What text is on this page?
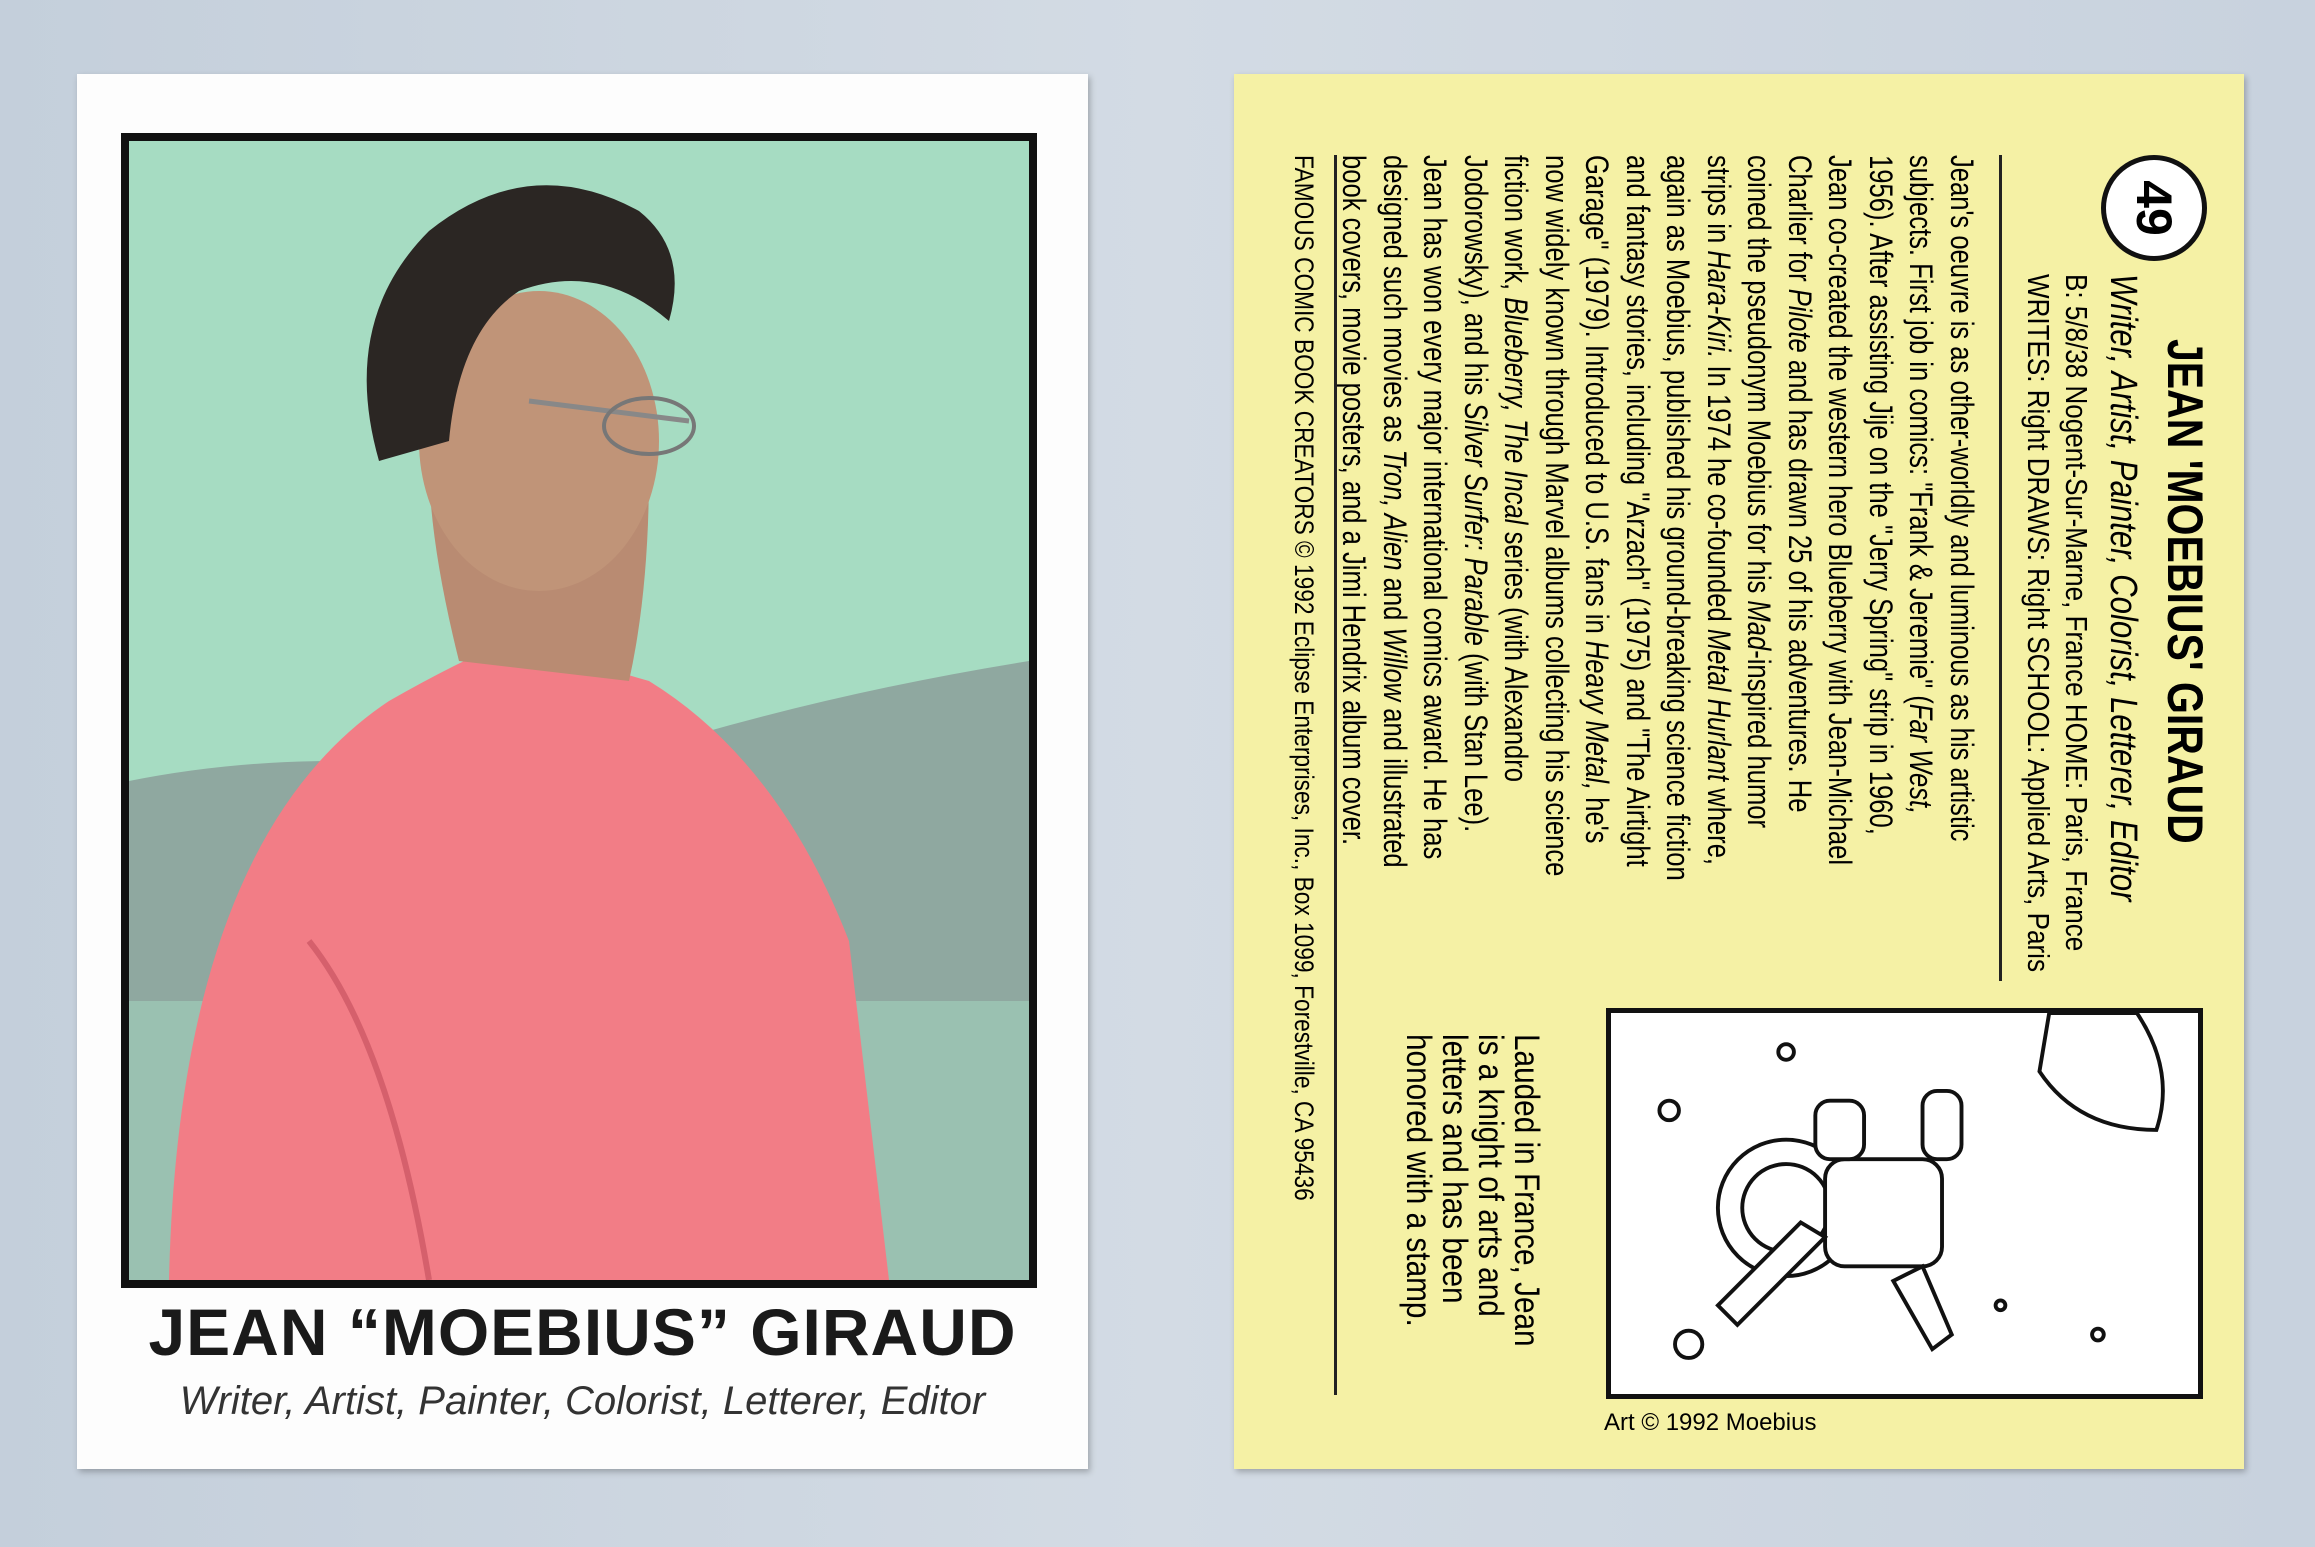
JEAN “MOEBIUS” GIRAUD
Writer, Artist, Painter, Colorist, Letterer, Editor
49
JEAN 'MOEBIUS' GIRAUD
Writer, Artist, Painter, Colorist, Letterer, Editor
B: 5/8/38 Nogent-Sur-Marne, France HOME: Paris, France
WRITES: Right DRAWS: Right SCHOOL: Applied Arts, Paris
Jean's oeuvre is as other-worldly and luminous as his artistic
subjects. First job in comics: "Frank & Jeremie" (Far West,
1956). After assisting Jije on the "Jerry Spring" strip in 1960,
Jean co-created the western hero Blueberry with Jean-Michael
Charlier for Pilote and has drawn 25 of his adventures. He
coined the pseudonym Moebius for his Mad-inspired humor
strips in Hara-Kiri. In 1974 he co-founded Metal Hurlant where,
again as Moebius, published his ground-breaking science fiction
and fantasy stories, including "Arzach" (1975) and "The Airtight
Garage" (1979). Introduced to U.S. fans in Heavy Metal, he's
now widely known through Marvel albums collecting his science
fiction work, Blueberry, The Incal series (with Alexandro
Jodorowsky), and his Silver Surfer: Parable (with Stan Lee).
Jean has won every major international comics award. He has
designed such movies as Tron, Alien and Willow and illustrated
book covers, movie posters, and a Jimi Hendrix album cover.
Lauded in France, Jean
is a knight of arts and
letters and has been
honored with a stamp.
FAMOUS COMIC BOOK CREATORS © 1992 Eclipse Enterprises, Inc., Box 1099, Forestville, CA 95436
Art © 1992 Moebius
